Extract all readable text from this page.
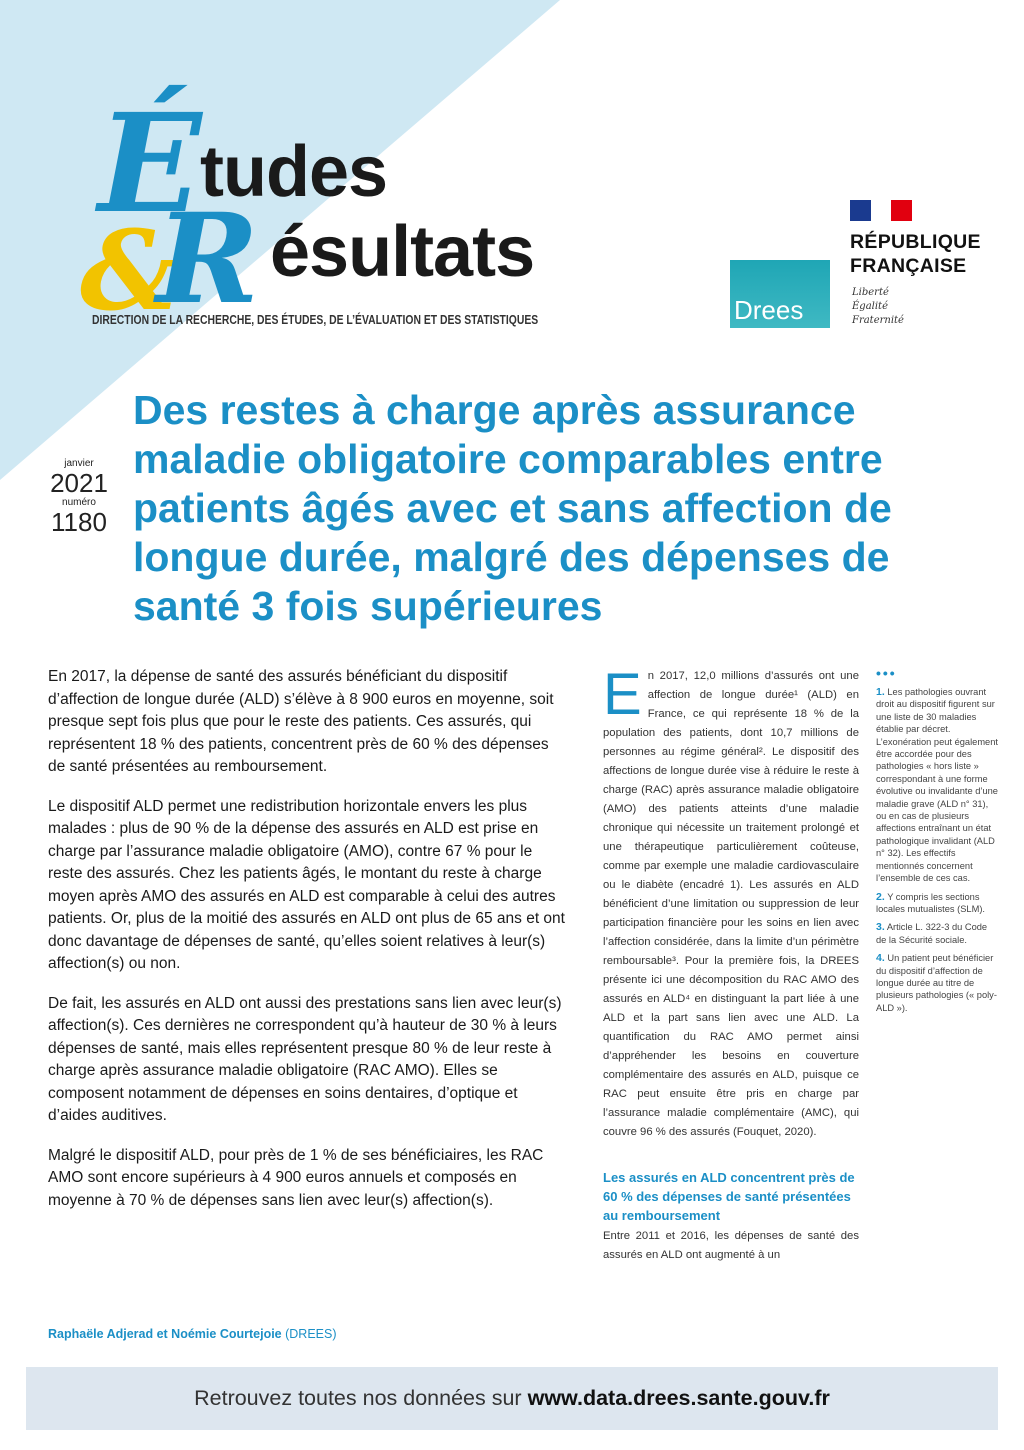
É
tudes
&
R ésultats
DIRECTION DE LA RECHERCHE, DES ÉTUDES, DE L’ÉVALUATION ET DES STATISTIQUES	Drees
RÉPUBLIQUE
FRANÇAISE
Liberté
Égalité
Fraternité
janvier
2021
numéro
1180
Des restes à charge après assurance maladie obligatoire comparables entre patients âgés avec et sans affection de longue durée, malgré des dépenses de santé 3 fois supérieures

En 2017, la dépense de santé des assurés bénéficiant du dispositif d’affection de longue durée (ALD) s’élève à 8 900 euros en moyenne, soit presque sept fois plus que pour le reste des patients. Ces assurés, qui représentent 18 % des patients, concentrent près de 60 % des dépenses de santé présentées au remboursement.

Le dispositif ALD permet une redistribution horizontale envers les plus malades : plus de 90 % de la dépense des assurés en ALD est prise en charge par l’assurance maladie obligatoire (AMO), contre 67 % pour le reste des assurés. Chez les patients âgés, le montant du reste à charge moyen après AMO des assurés en ALD est comparable à celui des autres patients. Or, plus de la moitié des assurés en ALD ont plus de 65 ans et ont donc davantage de dépenses de santé, qu’elles soient relatives à leur(s) affection(s) ou non.

De fait, les assurés en ALD ont aussi des prestations sans lien avec leur(s) affection(s). Ces dernières ne correspondent qu’à hauteur de 30 % à leurs dépenses de santé, mais elles représentent presque 80 % de leur reste à charge après assurance maladie obligatoire (RAC AMO). Elles se composent notamment de dépenses en soins dentaires, d’optique et d’aides auditives.

Malgré le dispositif ALD, pour près de 1 % de ses bénéficiaires, les RAC AMO sont encore supérieurs à 4 900 euros annuels et composés en moyenne à 70 % de dépenses sans lien avec leur(s) affection(s).

Raphaële Adjerad et Noémie Courtejoie (DREES)
E n 2017, 12,0 millions d’assurés ont une affection de longue durée¹ (ALD) en France, ce qui représente 18 % de la population des patients, dont 10,7 millions de personnes au régime général². Le dispositif des affections de longue durée vise à réduire le reste à charge (RAC) après assurance maladie obligatoire (AMO) des patients atteints d’une maladie chronique qui nécessite un traitement prolongé et une thérapeutique particulièrement coûteuse, comme par exemple une maladie cardiovasculaire ou le diabète (encadré 1). Les assurés en ALD bénéficient d’une limitation ou suppression de leur participation financière pour les soins en lien avec l’affection considérée, dans la limite d’un périmètre remboursable³. Pour la première fois, la DREES présente ici une décomposition du RAC AMO des assurés en ALD⁴ en distinguant la part liée à une ALD et la part sans lien avec une ALD. La quantification du RAC AMO permet ainsi d’appréhender les besoins en couverture complémentaire des assurés en ALD, puisque ce RAC peut ensuite être pris en charge par l’assurance maladie complémentaire (AMC), qui couvre 96 % des assurés (Fouquet, 2020).

Les assurés en ALD concentrent près de 60 % des dépenses de santé présentées au remboursement

Entre 2011 et 2016, les dépenses de santé des assurés en ALD ont augmenté à un

•••
1. Les pathologies ouvrant droit au dispositif figurent sur une liste de 30 maladies établie par décret. L’exonération peut également être accordée pour des pathologies « hors liste » correspondant à une forme évolutive ou invalidante d’une maladie grave (ALD n° 31), ou en cas de plusieurs affections entraînant un état pathologique invalidant (ALD n° 32). Les effectifs mentionnés concernent l’ensemble de ces cas.
2. Y compris les sections locales mutualistes (SLM).
3. Article L. 322-3 du Code de la Sécurité sociale.
4. Un patient peut bénéficier du dispositif d’affection de longue durée au titre de plusieurs pathologies (« poly-ALD »).
Retrouvez toutes nos données sur www.data.drees.sante.gouv.fr
